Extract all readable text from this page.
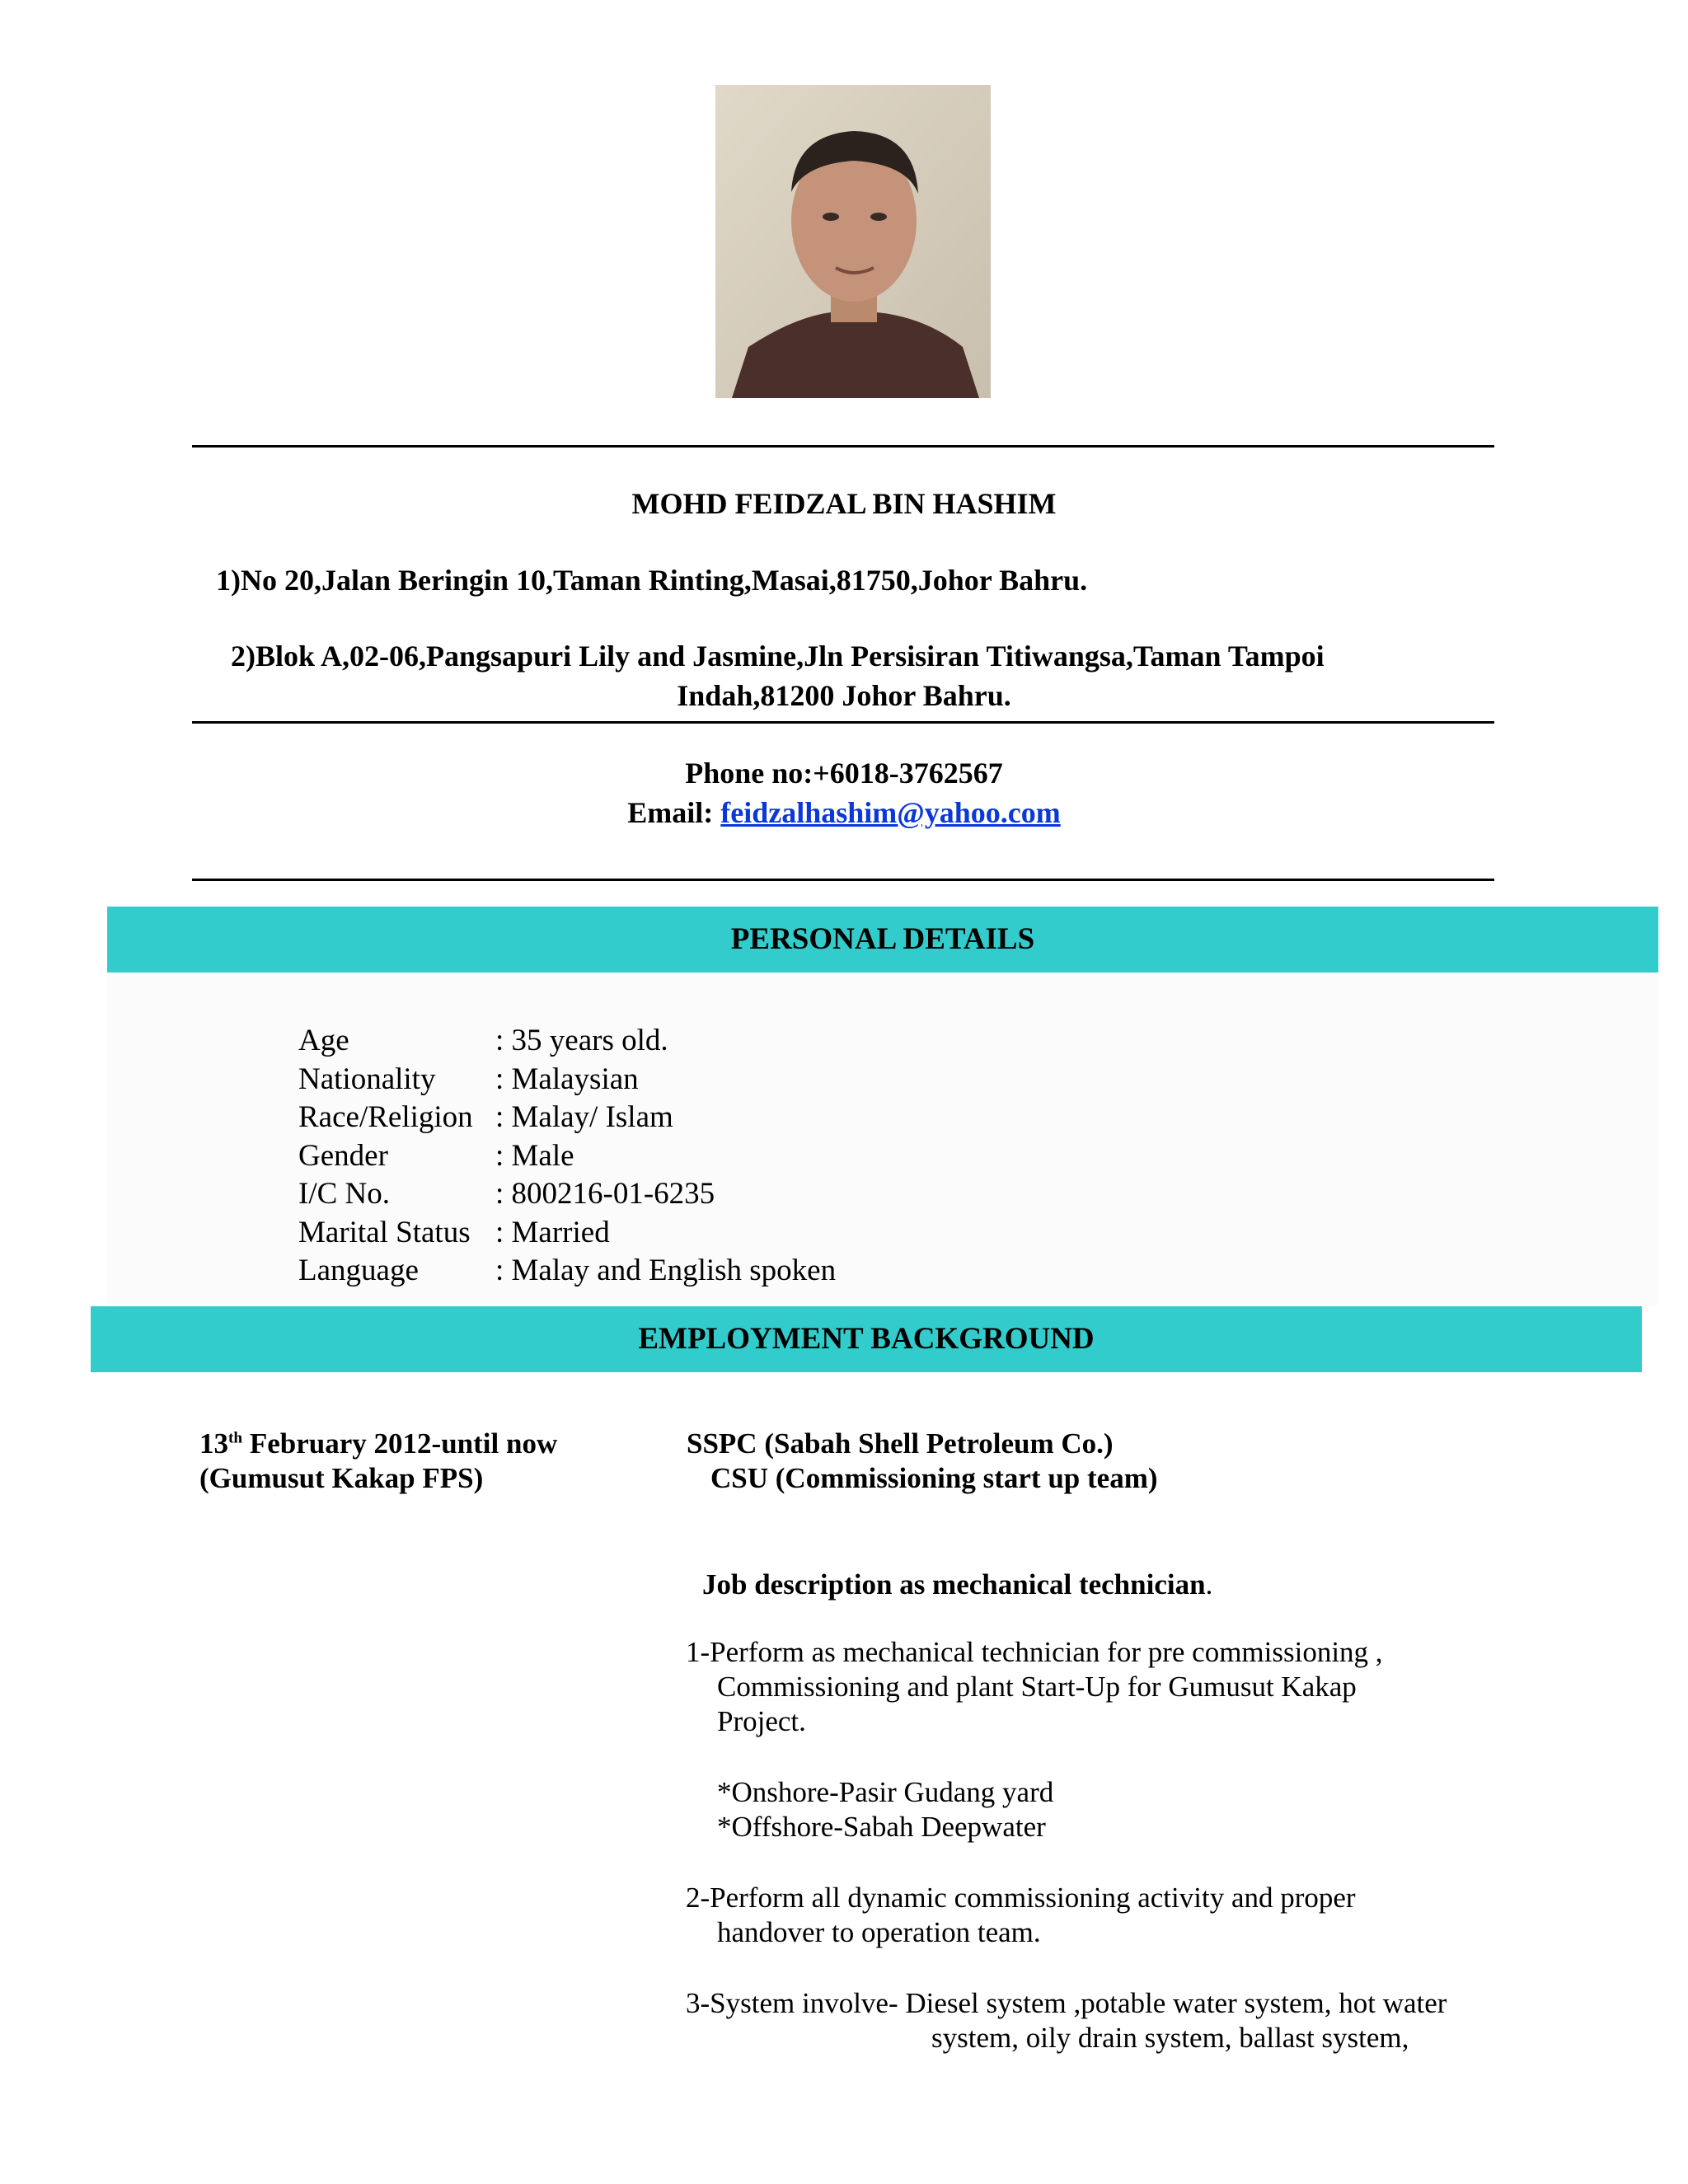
MOHD FEIDZAL BIN HASHIM
1)No 20,Jalan Beringin 10,Taman Rinting,Masai,81750,Johor Bahru.
2)Blok A,02-06,Pangsapuri Lily and Jasmine,Jln Persisiran Titiwangsa,Taman Tampoi
Indah,81200 Johor Bahru.
Phone no:+6018-3762567
Email: feidzalhashim@yahoo.com
PERSONAL DETAILS
Age	: 35 years old.
Nationality	: Malaysian
Race/Religion : Malay/ Islam
Gender	: Male
I/C No.	: 800216-01-6235
Marital Status : Married
Language	: Malay and English spoken
EMPLOYMENT BACKGROUND
13th February 2012-until now
(Gumusut Kakap FPS)
SSPC (Sabah Shell Petroleum Co.)
CSU (Commissioning start up team)
Job description as mechanical technician.
1-Perform as mechanical technician for pre commissioning ,
Commissioning and plant Start-Up for Gumusut Kakap
Project.
*Onshore-Pasir Gudang yard
*Offshore-Sabah Deepwater
2-Perform all dynamic commissioning activity and proper
handover to operation team.
3-System involve- Diesel system ,potable water system, hot water
system, oily drain system, ballast system,
